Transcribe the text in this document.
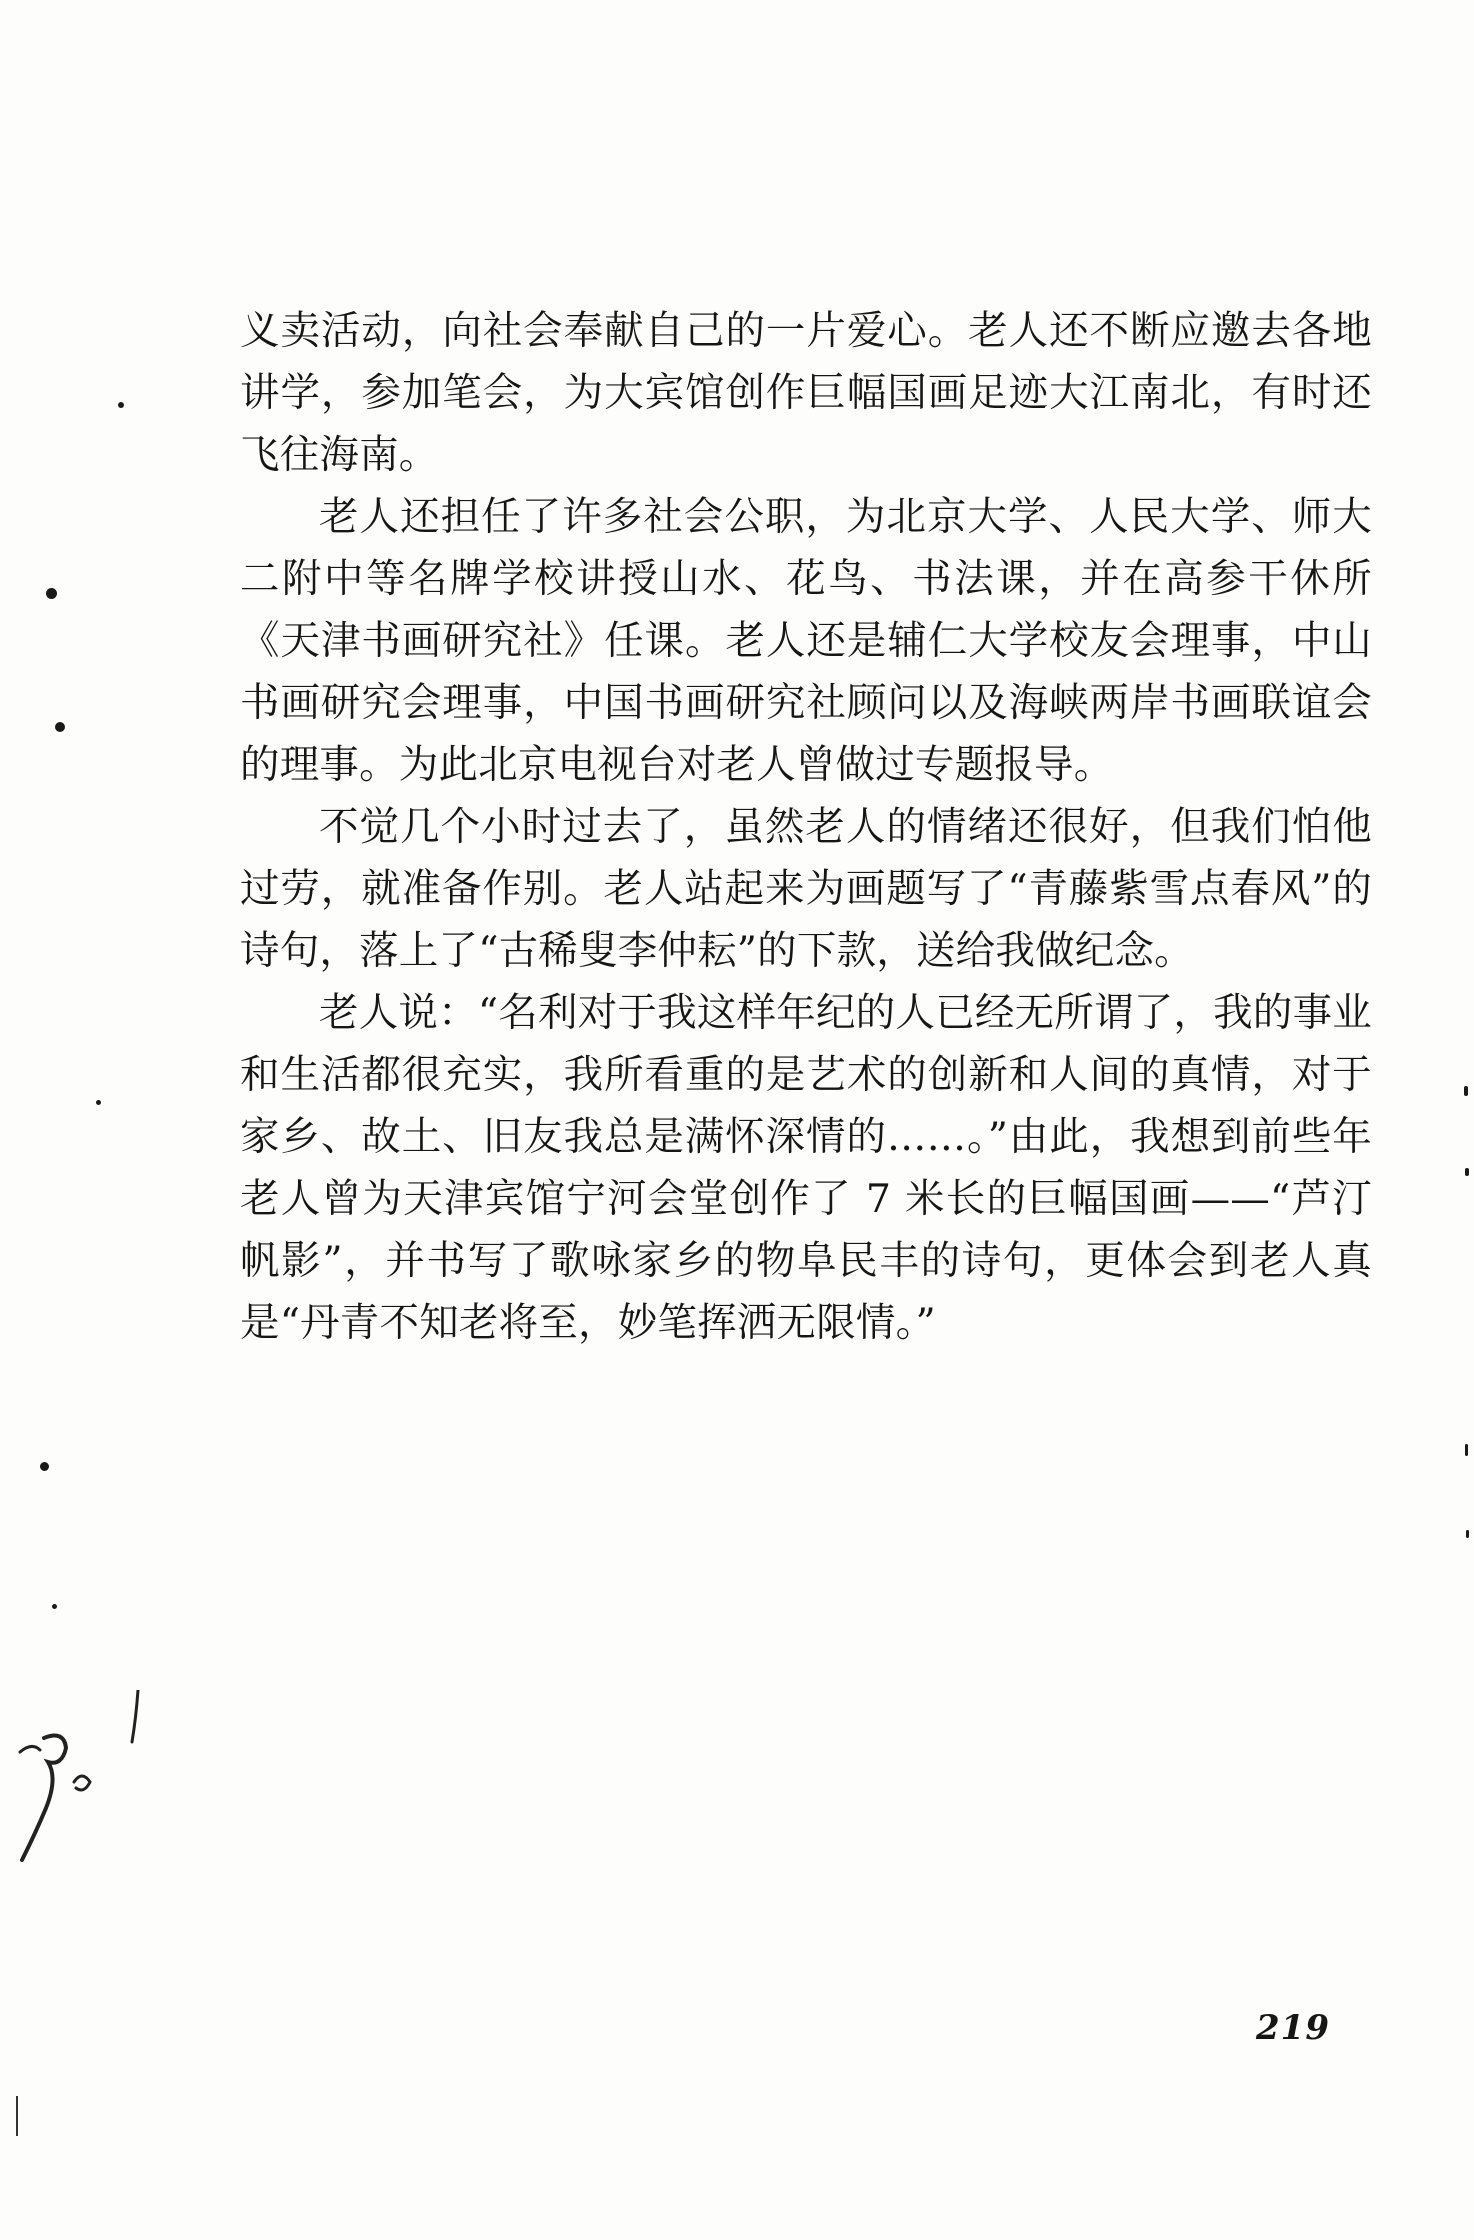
义卖活动，向社会奉献自己的一片爱心。老人还不断应邀去各地讲学，参加笔会，为大宾馆创作巨幅国画足迹大江南北，有时还飞往海南。

老人还担任了许多社会公职，为北京大学、人民大学、师大二附中等名牌学校讲授山水、花鸟、书法课，并在高参干休所《天津书画研究社》任课。老人还是辅仁大学校友会理事，中山书画研究会理事，中国书画研究社顾问以及海峡两岸书画联谊会的理事。为此北京电视台对老人曾做过专题报导。

不觉几个小时过去了，虽然老人的情绪还很好，但我们怕他过劳，就准备作别。老人站起来为画题写了“青藤紫雪点春风”的诗句，落上了“古稀叟李仲耘”的下款，送给我做纪念。

老人说：“名利对于我这样年纪的人已经无所谓了，我的事业和生活都很充实，我所看重的是艺术的创新和人间的真情，对于家乡、故土、旧友我总是满怀深情的……。”由此，我想到前些年老人曾为天津宾馆宁河会堂创作了 7 米长的巨幅国画——“芦汀帆影”，并书写了歌咏家乡的物阜民丰的诗句，更体会到老人真是“丹青不知老将至，妙笔挥洒无限情。”

219
